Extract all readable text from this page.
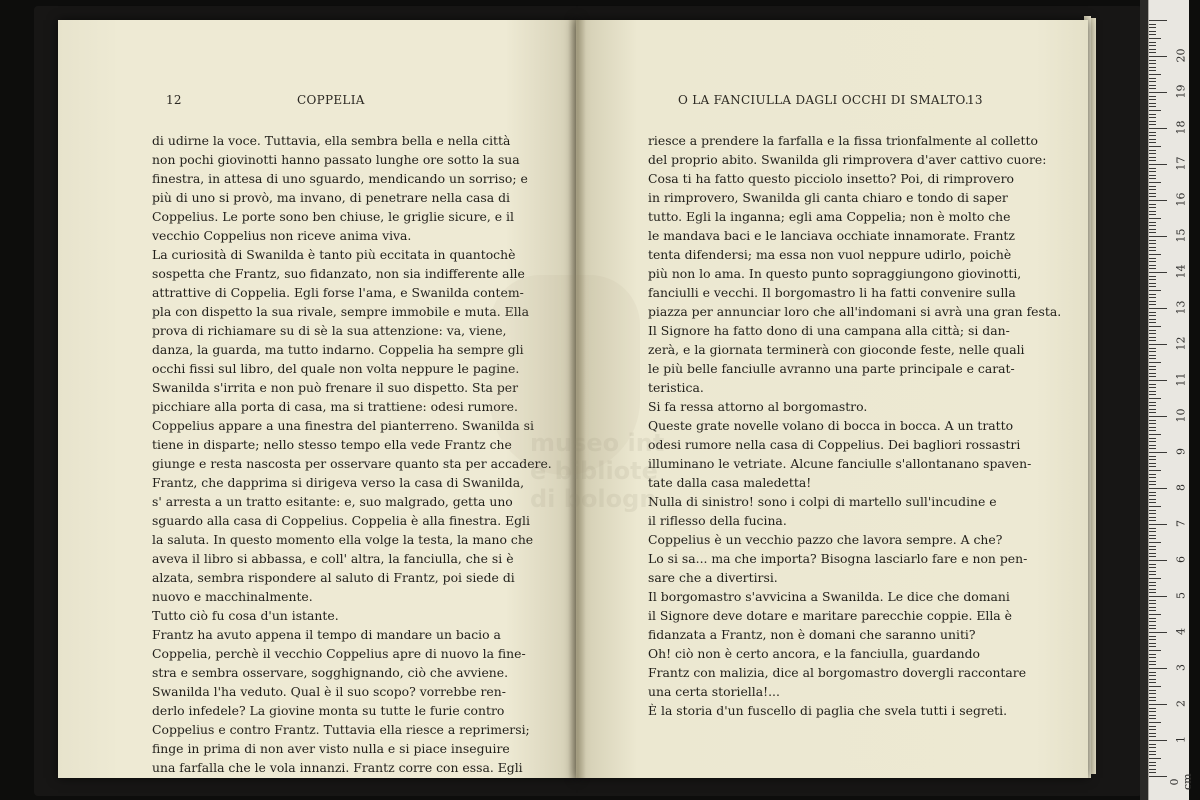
12	COPPELIA	O LA FANCIULLA DAGLI OCCHI DI SMALTO.
13
di udirne la voce. Tuttavia, ella sembra bella e nella città
non pochi giovinotti hanno passato lunghe ore sotto la sua
finestra, in attesa di uno sguardo, mendicando un sorriso; e
più di uno si provò, ma invano, di penetrare nella casa di
Coppelius. Le porte sono ben chiuse, le griglie sicure, e il
vecchio Coppelius non riceve anima viva.
La curiosità di Swanilda è tanto più eccitata in quantochè
sospetta che Frantz, suo fidanzato, non sia indifferente alle
attrattive di Coppelia. Egli forse l'ama, e Swanilda contem-
pla con dispetto la sua rivale, sempre immobile e muta. Ella
prova di richiamare su di sè la sua attenzione: va, viene,
danza, la guarda, ma tutto indarno. Coppelia ha sempre gli
occhi fissi sul libro, del quale non volta neppure le pagine.
Swanilda s'irrita e non può frenare il suo dispetto. Sta per
picchiare alla porta di casa, ma si trattiene: odesi rumore.
Coppelius appare a una finestra del pianterreno. Swanilda si
tiene in disparte; nello stesso tempo ella vede Frantz che
giunge e resta nascosta per osservare quanto sta per accadere.
Frantz, che dapprima si dirigeva verso la casa di Swanilda,
s' arresta a un tratto esitante: e, suo malgrado, getta uno
sguardo alla casa di Coppelius. Coppelia è alla finestra. Egli
la saluta. In questo momento ella volge la testa, la mano che
aveva il libro si abbassa, e coll' altra, la fanciulla, che si è
alzata, sembra rispondere al saluto di Frantz, poi siede di
nuovo e macchinalmente.
Tutto ciò fu cosa d'un istante.
Frantz ha avuto appena il tempo di mandare un bacio a
Coppelia, perchè il vecchio Coppelius apre di nuovo la fine-
stra e sembra osservare, sogghignando, ciò che avviene.
Swanilda l'ha veduto. Qual è il suo scopo? vorrebbe ren-
derlo infedele? La giovine monta su tutte le furie contro
Coppelius e contro Frantz. Tuttavia ella riesce a reprimersi;
finge in prima di non aver visto nulla e si piace inseguire
una farfalla che le vola innanzi. Frantz corre con essa. Egli
riesce a prendere la farfalla e la fissa trionfalmente al colletto
del proprio abito. Swanilda gli rimprovera d'aver cattivo cuore:
Cosa ti ha fatto questo picciolo insetto? Poi, di rimprovero
in rimprovero, Swanilda gli canta chiaro e tondo di saper
tutto. Egli la inganna; egli ama Coppelia; non è molto che
le mandava baci e le lanciava occhiate innamorate. Frantz
tenta difendersi; ma essa non vuol neppure udirlo, poichè
più non lo ama. In questo punto sopraggiungono giovinotti,
fanciulli e vecchi. Il borgomastro li ha fatti convenire sulla
piazza per annunciar loro che all'indomani si avrà una gran festa.
Il Signore ha fatto dono di una campana alla città; si dan-
zerà, e la giornata terminerà con gioconde feste, nelle quali
le più belle fanciulle avranno una parte principale e carat-
teristica.
Si fa ressa attorno al borgomastro.
Queste grate novelle volano di bocca in bocca. A un tratto
odesi rumore nella casa di Coppelius. Dei bagliori rossastri
illuminano le vetriate. Alcune fanciulle s'allontanano spaven-
tate dalla casa maledetta!
Nulla di sinistro! sono i colpi di martello sull'incudine e
il riflesso della fucina.
Coppelius è un vecchio pazzo che lavora sempre. A che?
Lo si sa... ma che importa? Bisogna lasciarlo fare e non pen-
sare che a divertirsi.
Il borgomastro s'avvicina a Swanilda. Le dice che domani
il Signore deve dotare e maritare parecchie coppie. Ella è
fidanzata a Frantz, non è domani che saranno uniti?
Oh! ciò non è certo ancora, e la fanciulla, guardando
Frantz con malizia, dice al borgomastro dovergli raccontare
una certa storiella!...
È la storia d'un fuscello di paglia che svela tutti i segreti.
20
19
18
17
16
15
14
13
12
11
10
9
8
7
6
5
4
3
2
1
0 cm
